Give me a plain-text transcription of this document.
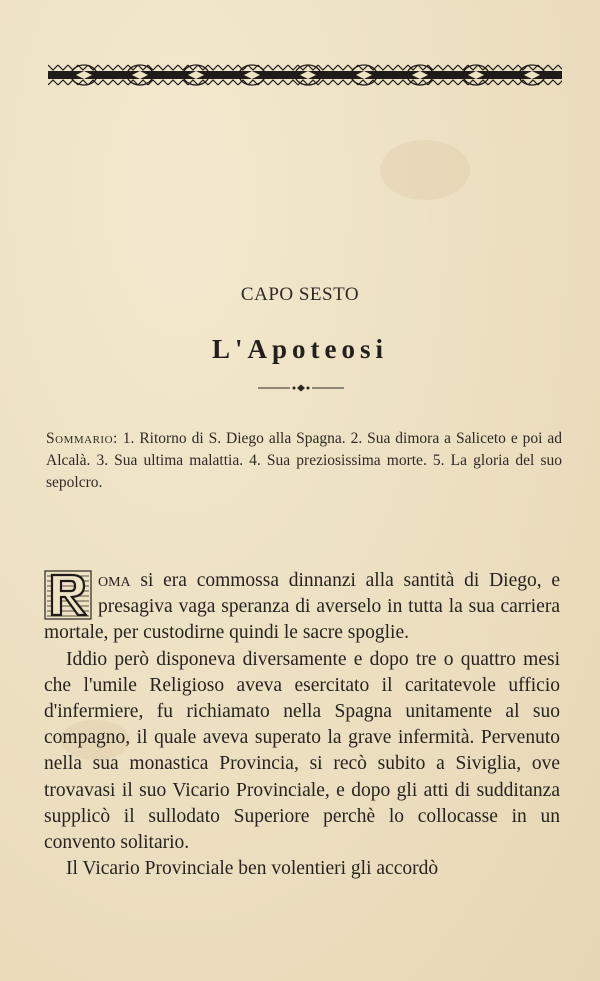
CAPO SESTO
L'Apoteosi
Sommario: 1. Ritorno di S. Diego alla Spagna. 2. Sua dimora a Saliceto e poi ad Alcalà. 3. Sua ultima malattia. 4. Sua preziosissima morte. 5. La gloria del suo sepolcro.

oma si era commossa dinnanzi alla santità di Diego, e presagiva vaga speranza di averselo in tutta la sua carriera mortale, per custodirne quindi le sacre spoglie.

Iddio però disponeva diversamente e dopo tre o quattro mesi che l'umile Religioso aveva esercitato il caritatevole ufficio d'infermiere, fu richiamato nella Spagna unitamente al suo compagno, il quale aveva superato la grave infermità. Pervenuto nella sua monastica Provincia, si recò subito a Siviglia, ove trovavasi il suo Vicario Provinciale, e dopo gli atti di sudditanza supplicò il sullodato Superiore perchè lo collocasse in un convento solitario.

Il Vicario Provinciale ben volentieri gli accordò
